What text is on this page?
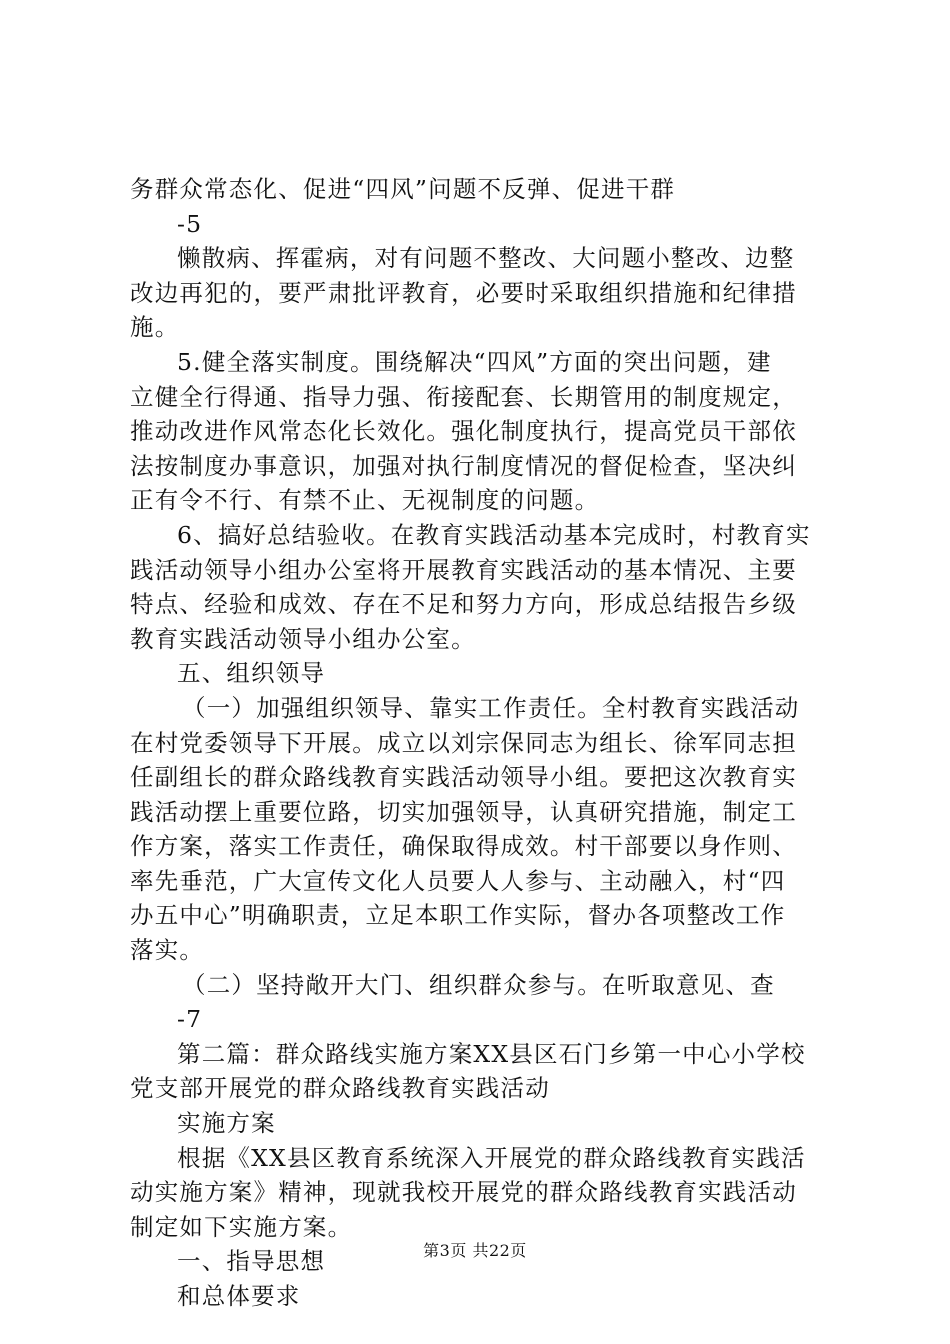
务群众常态化、促进“四风”问题不反弹、促进干群
-5
懒散病、挥霍病，对有问题不整改、大问题小整改、边整
改边再犯的，要严肃批评教育，必要时采取组织措施和纪律措
施。
5.健全落实制度。围绕解决“四风”方面的突出问题，建
立健全行得通、指导力强、衔接配套、长期管用的制度规定，
推动改进作风常态化长效化。强化制度执行，提高党员干部依
法按制度办事意识，加强对执行制度情况的督促检查，坚决纠
正有令不行、有禁不止、无视制度的问题。
6、搞好总结验收。在教育实践活动基本完成时，村教育实
践活动领导小组办公室将开展教育实践活动的基本情况、主要
特点、经验和成效、存在不足和努力方向，形成总结报告乡级
教育实践活动领导小组办公室。
五、组织领导
（一）加强组织领导、靠实工作责任。全村教育实践活动
在村党委领导下开展。成立以刘宗保同志为组长、徐军同志担
任副组长的群众路线教育实践活动领导小组。要把这次教育实
践活动摆上重要位路，切实加强领导，认真研究措施，制定工
作方案，落实工作责任，确保取得成效。村干部要以身作则、
率先垂范，广大宣传文化人员要人人参与、主动融入，村“四
办五中心”明确职责，立足本职工作实际，督办各项整改工作
落实。
（二）坚持敞开大门、组织群众参与。在听取意见、查
-7
第二篇：群众路线实施方案XX县区石门乡第一中心小学校
党支部开展党的群众路线教育实践活动
实施方案
根据《XX县区教育系统深入开展党的群众路线教育实践活
动实施方案》精神，现就我校开展党的群众路线教育实践活动
制定如下实施方案。
一、指导思想
和总体要求
第3页 共22页
